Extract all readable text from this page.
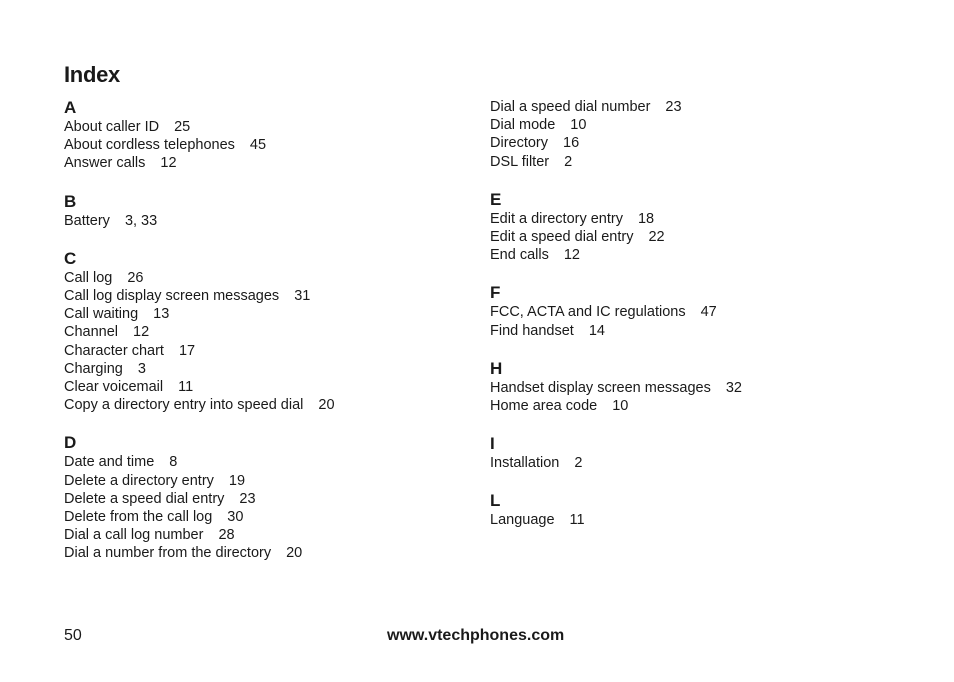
Index
A
About caller ID 25
About cordless telephones 45
Answer calls 12
B
Battery 3, 33
C
Call log 26
Call log display screen messages 31
Call waiting 13
Channel 12
Character chart 17
Charging 3
Clear voicemail 11
Copy a directory entry into speed dial 20
D
Date and time 8
Delete a directory entry 19
Delete a speed dial entry 23
Delete from the call log 30
Dial a call log number 28
Dial a number from the directory 20
Dial a speed dial number 23
Dial mode 10
Directory 16
DSL filter 2
E
Edit a directory entry 18
Edit a speed dial entry 22
End calls 12
F
FCC, ACTA and IC regulations 47
Find handset 14
H
Handset display screen messages 32
Home area code 10
I
Installation 2
L
Language 11
50	www.vtechphones.com
